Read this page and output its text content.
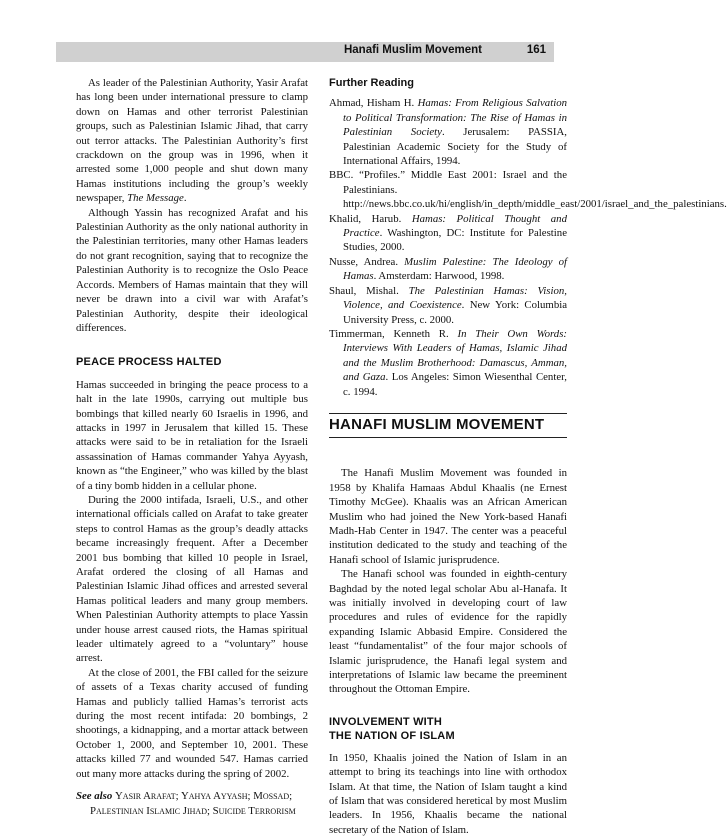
Hanafi Muslim Movement	161

As leader of the Palestinian Authority, Yasir Arafat has long been under international pressure to clamp down on Hamas and other terrorist Palestinian groups, such as Palestinian Islamic Jihad, that carry out terror attacks. The Palestinian Authority’s first crackdown on the group was in 1996, when it arrested some 1,000 people and shut down many Hamas institutions including the group’s weekly newspaper, The Message.

Although Yassin has recognized Arafat and his Palestinian Authority as the only national authority in the Palestinian territories, many other Hamas leaders do not grant recognition, saying that to recognize the Palestinian Authority is to recognize the Oslo Peace Accords. Members of Hamas maintain that they will never be drawn into a civil war with Arafat’s Palestinian Authority, despite their ideological differences.

PEACE PROCESS HALTED

Hamas succeeded in bringing the peace process to a halt in the late 1990s, carrying out multiple bus bombings that killed nearly 60 Israelis in 1996, and attacks in 1997 in Jerusalem that killed 15. These attacks were said to be in retaliation for the Israeli assassination of Hamas commander Yahya Ayyash, known as “the Engineer,” who was killed by the blast of a tiny bomb hidden in a cellular phone.

During the 2000 intifada, Israeli, U.S., and other international officials called on Arafat to take greater steps to control Hamas as the group’s deadly attacks became increasingly frequent. After a December 2001 bus bombing that killed 10 people in Israel, Arafat ordered the closing of all Hamas and Palestinian Islamic Jihad offices and arrested several Hamas political leaders and many group members. When Palestinian Authority attempts to place Yassin under house arrest caused riots, the Hamas spiritual leader ultimately agreed to a “voluntary” house arrest.

At the close of 2001, the FBI called for the seizure of assets of a Texas charity accused of funding Hamas and publicly tallied Hamas’s terrorist acts during the most recent intifada: 20 bombings, 2 shootings, a kidnapping, and a mortar attack between October 1, 2000, and September 10, 2001. These attacks killed 77 and wounded 547. Hamas carried out many more attacks during the spring of 2002.

See also Yasir Arafat; Yahya Ayyash; Mossad; Palestinian Islamic Jihad; Suicide Terrorism

Further Reading

Ahmad, Hisham H. Hamas: From Religious Salvation to Political Transformation: The Rise of Hamas in Palestinian Society. Jerusalem: PASSIA, Palestinian Academic Society for the Study of International Affairs, 1994.

BBC. “Profiles.” Middle East 2001: Israel and the Palestinians. http://news.bbc.co.uk/hi/english/in_depth/middle_east/2001/israel_and_the_palestinians.

Khalid, Harub. Hamas: Political Thought and Practice. Washington, DC: Institute for Palestine Studies, 2000.

Nusse, Andrea. Muslim Palestine: The Ideology of Hamas. Amsterdam: Harwood, 1998.

Shaul, Mishal. The Palestinian Hamas: Vision, Violence, and Coexistence. New York: Columbia University Press, c. 2000.

Timmerman, Kenneth R. In Their Own Words: Interviews With Leaders of Hamas, Islamic Jihad and the Muslim Brotherhood: Damascus, Amman, and Gaza. Los Angeles: Simon Wiesenthal Center, c. 1994.

HANAFI MUSLIM MOVEMENT

The Hanafi Muslim Movement was founded in 1958 by Khalifa Hamaas Abdul Khaalis (ne Ernest Timothy McGee). Khaalis was an African American Muslim who had joined the New York-based Hanafi Madh-Hab Center in 1947. The center was a peaceful institution dedicated to the study and teaching of the Hanafi school of Islamic jurisprudence.

The Hanafi school was founded in eighth-century Baghdad by the noted legal scholar Abu al-Hanafa. It was initially involved in developing court of law procedures and rules of evidence for the rapidly expanding Islamic Abbasid Empire. Considered the least “fundamentalist” of the four major schools of Islamic jurisprudence, the Hanafi legal system and interpretations of Islamic law became the preeminent throughout the Ottoman Empire.

INVOLVEMENT WITH
THE NATION OF ISLAM

In 1950, Khaalis joined the Nation of Islam in an attempt to bring its teachings into line with orthodox Islam. At that time, the Nation of Islam taught a kind of Islam that was considered heretical by most Muslim leaders. In 1956, Khaalis became the national secretary of the Nation of Islam.
